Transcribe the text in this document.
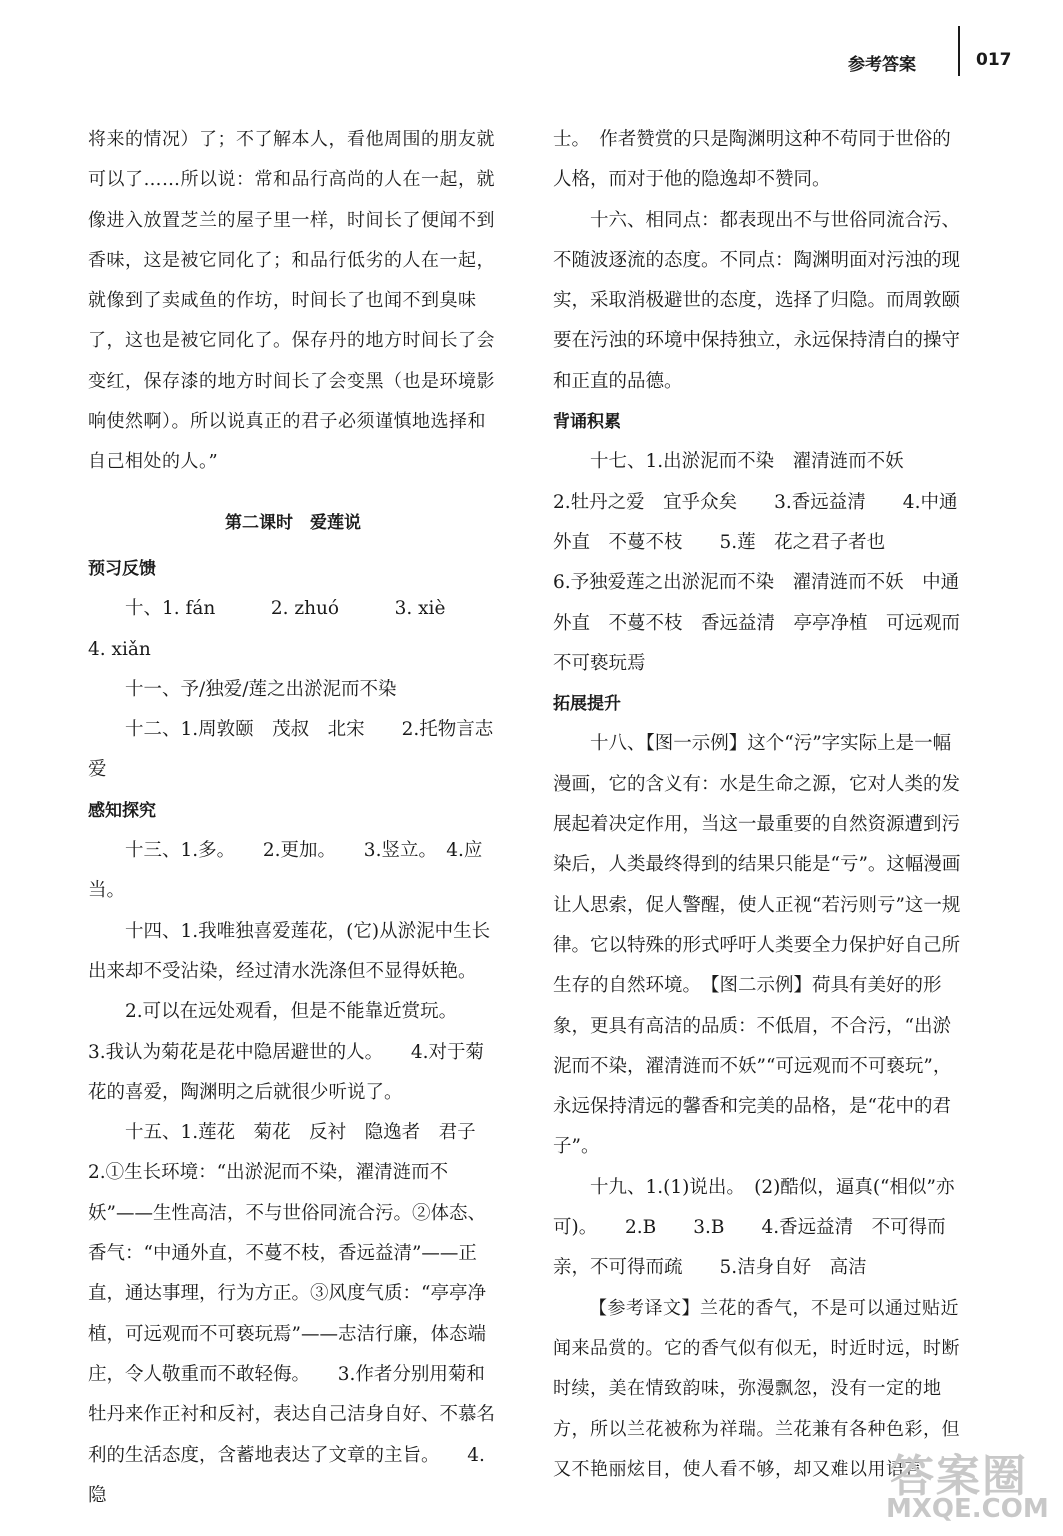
参考答案	017

将来的情况）了；不了解本人，看他周围的朋友就可以了……所以说：常和品行高尚的人在一起，就像进入放置芝兰的屋子里一样，时间长了便闻不到香味，这是被它同化了；和品行低劣的人在一起，就像到了卖咸鱼的作坊，时间长了也闻不到臭味了，这也是被它同化了。保存丹的地方时间长了会变红，保存漆的地方时间长了会变黑（也是环境影响使然啊）。所以说真正的君子必须谨慎地选择和自己相处的人。”

第二课时　爱莲说

预习反馈

十、1. fán　　　2. zhuó　　　3. xiè

4. xiǎn

十一、予/独爱/莲之出淤泥而不染

十二、1.周敦颐　茂叔　北宋　　2.托物言志　爱

感知探究

十三、1.多。　　2.更加。　　3.竖立。　4.应当。

十四、1.我唯独喜爱莲花，(它)从淤泥中生长出来却不受沾染，经过清水洗涤但不显得妖艳。

2.可以在远处观看，但是不能靠近赏玩。

3.我认为菊花是花中隐居避世的人。　　4.对于菊花的喜爱，陶渊明之后就很少听说了。

十五、1.莲花　菊花　反衬　隐逸者　君子

2.①生长环境：“出淤泥而不染，濯清涟而不妖”——生性高洁，不与世俗同流合污。②体态、香气：“中通外直，不蔓不枝，香远益清”——正直，通达事理，行为方正。③风度气质：“亭亭净植，可远观而不可亵玩焉”——志洁行廉，体态端庄，令人敬重而不敢轻侮。　　3.作者分别用菊和牡丹来作正衬和反衬，表达自己洁身自好、不慕名利的生活态度，含蓄地表达了文章的主旨。　　4.隐

士。　作者赞赏的只是陶渊明这种不苟同于世俗的人格，而对于他的隐逸却不赞同。

十六、相同点：都表现出不与世俗同流合污、不随波逐流的态度。不同点：陶渊明面对污浊的现实，采取消极避世的态度，选择了归隐。而周敦颐要在污浊的环境中保持独立，永远保持清白的操守和正直的品德。

背诵积累

十七、1.出淤泥而不染　濯清涟而不妖

2.牡丹之爱　宜乎众矣　　3.香远益清　　4.中通外直　不蔓不枝　　5.莲　花之君子者也

6.予独爱莲之出淤泥而不染　濯清涟而不妖　中通外直　不蔓不枝　香远益清　亭亭净植　可远观而不可亵玩焉

拓展提升

十八、【图一示例】这个“污”字实际上是一幅漫画，它的含义有：水是生命之源，它对人类的发展起着决定作用，当这一最重要的自然资源遭到污染后，人类最终得到的结果只能是“亏”。这幅漫画让人思索，促人警醒，使人正视“若污则亏”这一规律。它以特殊的形式呼吁人类要全力保护好自己所生存的自然环境。　【图二示例】荷具有美好的形象，更具有高洁的品质：不低眉，不合污，“出淤泥而不染，濯清涟而不妖”“可远观而不可亵玩”，永远保持清远的馨香和完美的品格，是“花中的君子”。

十九、1.(1)说出。　(2)酷似，逼真(“相似”亦可)。　　2.B　　3.B　　4.香远益清　不可得而亲，不可得而疏　　5.洁身自好　高洁

【参考译文】兰花的香气，不是可以通过贴近闻来品赏的。它的香气似有似无，时近时远，时断时续，美在情致韵味，弥漫飘忽，没有一定的地方，所以兰花被称为祥瑞。兰花兼有各种色彩，但又不艳丽炫目，使人看不够，却又难以用语言

答案圈
MXQE.COM
